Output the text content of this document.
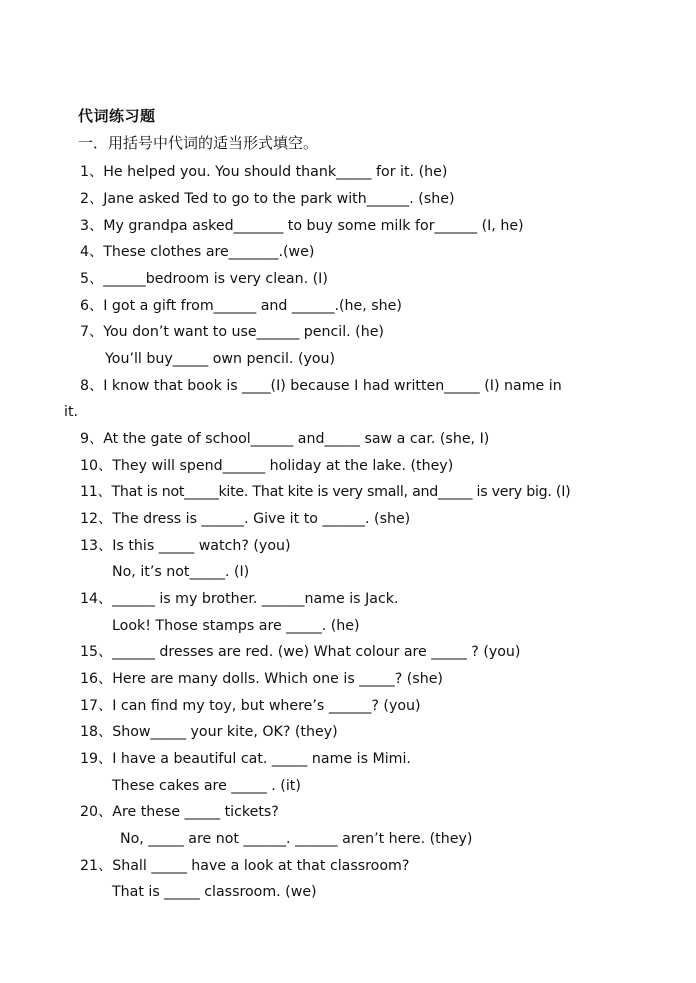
代词练习题
一．用括号中代词的适当形式填空。
1、He helped you. You should thank_____ for it. (he)
2、Jane asked Ted to go to the park with______. (she)
3、My grandpa asked_______ to buy some milk for______ (I, he)
4、These clothes are_______.(we)
5、______bedroom is very clean. (I)
6、I got a gift from______ and ______.(he, she)
7、You don’t want to use______ pencil. (he)
You’ll buy_____ own pencil. (you)
8、I know that book is ____(I) because I had written_____ (I) name in
it.
9、At the gate of school______ and_____ saw a car. (she, I)
10、They will spend______ holiday at the lake. (they)
11、That is not_____kite. That kite is very small, and_____ is very big. (I)
12、The dress is ______. Give it to ______. (she)
13、Is this _____ watch? (you)
No, it’s not_____. (I)
14、______ is my brother. ______name is Jack.
Look! Those stamps are _____. (he)
15、______ dresses are red. (we) What colour are _____ ? (you)
16、Here are many dolls. Which one is _____? (she)
17、I can find my toy, but where’s ______? (you)
18、Show_____ your kite, OK? (they)
19、I have a beautiful cat. _____ name is Mimi.
These cakes are _____ . (it)
20、Are these _____ tickets?
No, _____ are not ______. ______ aren’t here. (they)
21、Shall _____ have a look at that classroom?
That is _____ classroom. (we)
